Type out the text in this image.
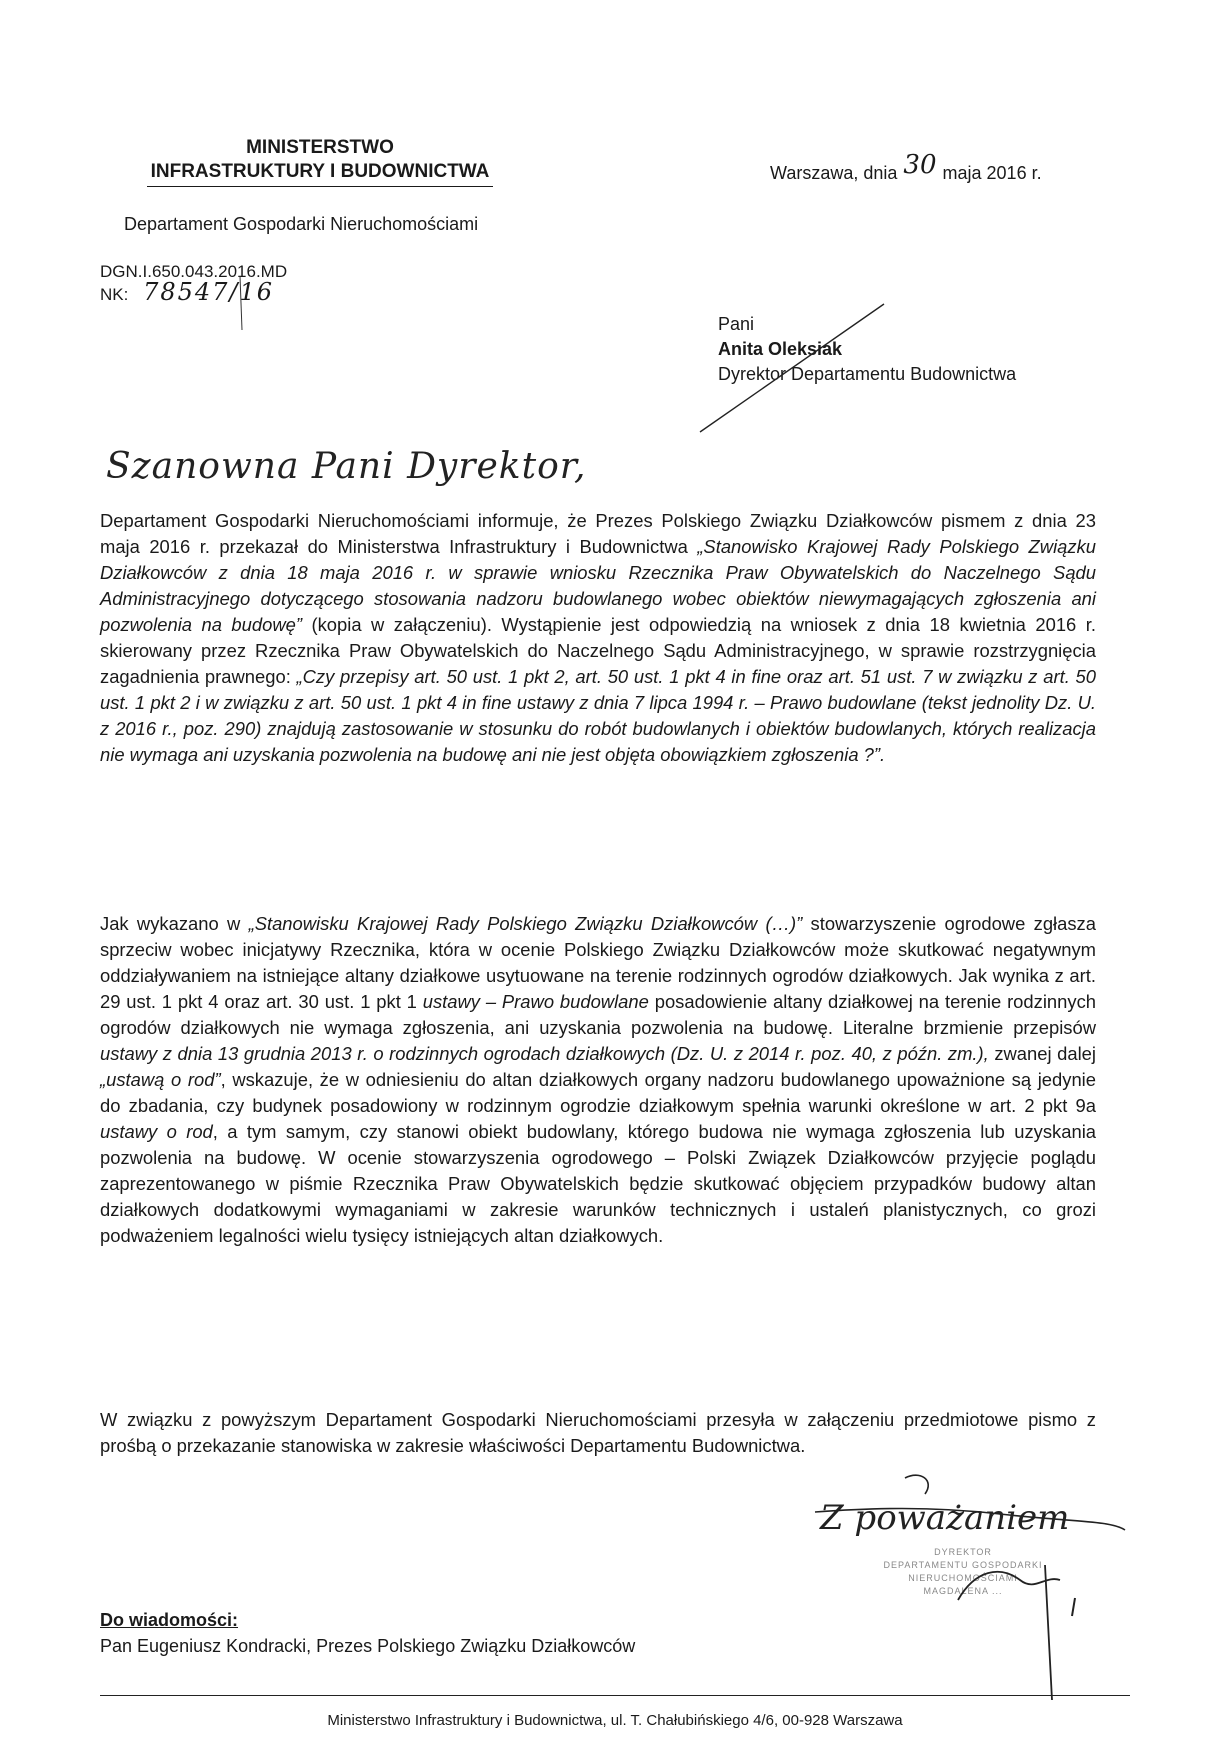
MINISTERSTWO
INFRASTRUKTURY I BUDOWNICTWA	Warszawa, dnia 30 maja 2016 r.
Departament Gospodarki Nieruchomościami
DGN.I.650.043.2016.MD
NK: 78547/16
Pani
Anita Oleksiak
Dyrektor Departamentu Budownictwa
Szanowna Pani Dyrektor,
Departament Gospodarki Nieruchomościami informuje, że Prezes Polskiego Związku Działkowców pismem z dnia 23 maja 2016 r. przekazał do Ministerstwa Infrastruktury i Budownictwa „Stanowisko Krajowej Rady Polskiego Związku Działkowców z dnia 18 maja 2016 r. w sprawie wniosku Rzecznika Praw Obywatelskich do Naczelnego Sądu Administracyjnego dotyczącego stosowania nadzoru budowlanego wobec obiektów niewymagających zgłoszenia ani pozwolenia na budowę” (kopia w załączeniu). Wystąpienie jest odpowiedzią na wniosek z dnia 18 kwietnia 2016 r. skierowany przez Rzecznika Praw Obywatelskich do Naczelnego Sądu Administracyjnego, w sprawie rozstrzygnięcia zagadnienia prawnego: „Czy przepisy art. 50 ust. 1 pkt 2, art. 50 ust. 1 pkt 4 in fine oraz art. 51 ust. 7 w związku z art. 50 ust. 1 pkt 2 i w związku z art. 50 ust. 1 pkt 4 in fine ustawy z dnia 7 lipca 1994 r. – Prawo budowlane (tekst jednolity Dz. U. z 2016 r., poz. 290) znajdują zastosowanie w stosunku do robót budowlanych i obiektów budowlanych, których realizacja nie wymaga ani uzyskania pozwolenia na budowę ani nie jest objęta obowiązkiem zgłoszenia ?”.
Jak wykazano w „Stanowisku Krajowej Rady Polskiego Związku Działkowców (…)” stowarzyszenie ogrodowe zgłasza sprzeciw wobec inicjatywy Rzecznika, która w ocenie Polskiego Związku Działkowców może skutkować negatywnym oddziaływaniem na istniejące altany działkowe usytuowane na terenie rodzinnych ogrodów działkowych. Jak wynika z art. 29 ust. 1 pkt 4 oraz art. 30 ust. 1 pkt 1 ustawy – Prawo budowlane posadowienie altany działkowej na terenie rodzinnych ogrodów działkowych nie wymaga zgłoszenia, ani uzyskania pozwolenia na budowę. Literalne brzmienie przepisów ustawy z dnia 13 grudnia 2013 r. o rodzinnych ogrodach działkowych (Dz. U. z 2014 r. poz. 40, z późn. zm.), zwanej dalej „ustawą o rod”, wskazuje, że w odniesieniu do altan działkowych organy nadzoru budowlanego upoważnione są jedynie do zbadania, czy budynek posadowiony w rodzinnym ogrodzie działkowym spełnia warunki określone w art. 2 pkt 9a ustawy o rod, a tym samym, czy stanowi obiekt budowlany, którego budowa nie wymaga zgłoszenia lub uzyskania pozwolenia na budowę. W ocenie stowarzyszenia ogrodowego – Polski Związek Działkowców przyjęcie poglądu zaprezentowanego w piśmie Rzecznika Praw Obywatelskich będzie skutkować objęciem przypadków budowy altan działkowych dodatkowymi wymaganiami w zakresie warunków technicznych i ustaleń planistycznych, co grozi podważeniem legalności wielu tysięcy istniejących altan działkowych.
W związku z powyższym Departament Gospodarki Nieruchomościami przesyła w załączeniu przedmiotowe pismo z prośbą o przekazanie stanowiska w zakresie właściwości Departamentu Budownictwa.
Z poważaniem
DYREKTOR
DEPARTAMENTU GOSPODARKI
NIERUCHOMOŚCIAMI
MAGDALENA ...
Do wiadomości:
Pan Eugeniusz Kondracki, Prezes Polskiego Związku Działkowców
Ministerstwo Infrastruktury i Budownictwa, ul. T. Chałubińskiego 4/6, 00-928 Warszawa
